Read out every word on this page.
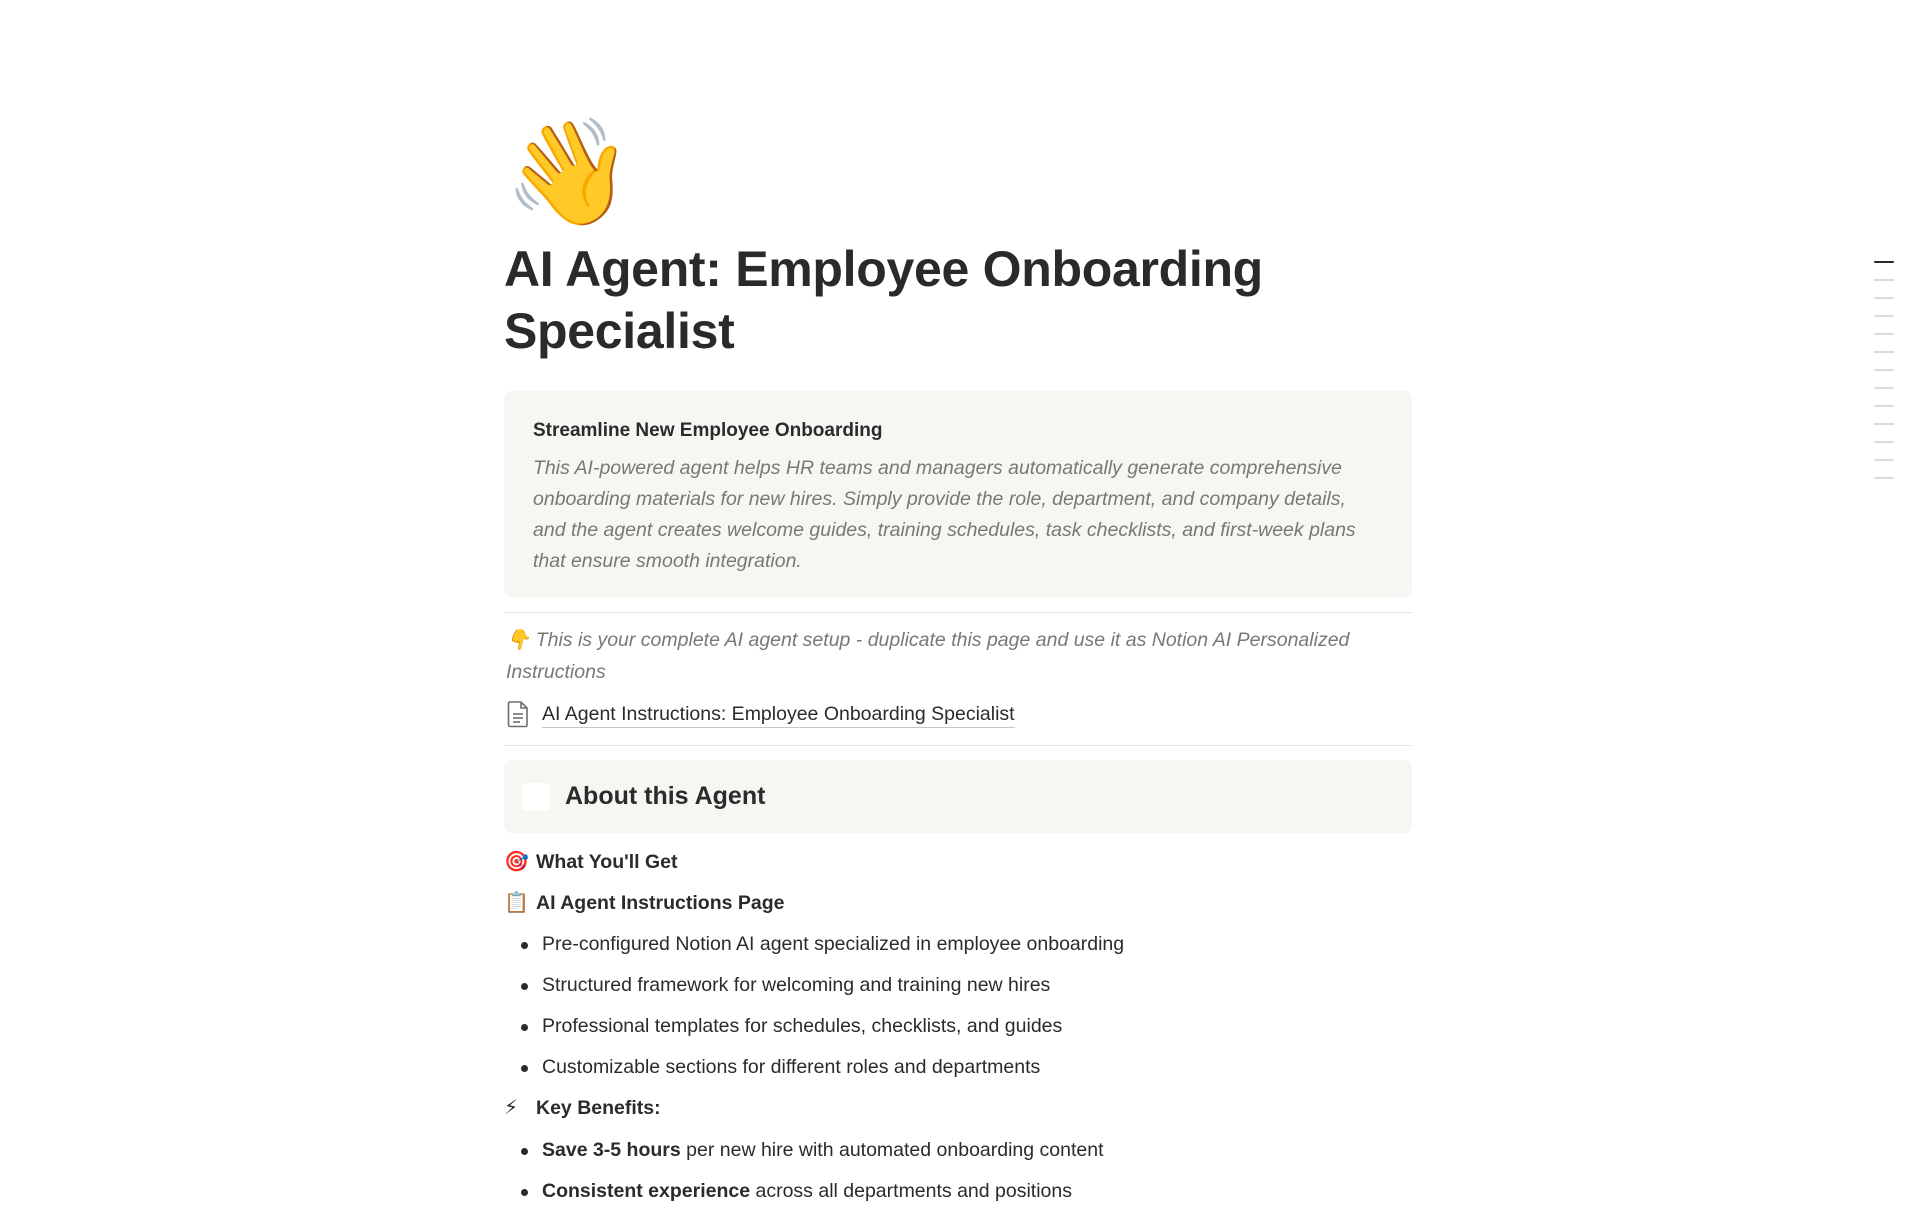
👋
AI Agent: Employee Onboarding Specialist
Streamline New Employee Onboarding
This AI-powered agent helps HR teams and managers automatically generate comprehensive onboarding materials for new hires. Simply provide the role, department, and company details, and the agent creates welcome guides, training schedules, task checklists, and first-week plans that ensure smooth integration.
👇 This is your complete AI agent setup - duplicate this page and use it as Notion AI Personalized Instructions
AI Agent Instructions: Employee Onboarding Specialist
About this Agent
🎯 What You'll Get
📋 AI Agent Instructions Page
Pre-configured Notion AI agent specialized in employee onboarding
Structured framework for welcoming and training new hires
Professional templates for schedules, checklists, and guides
Customizable sections for different roles and departments
⚡ Key Benefits:
Save 3-5 hours per new hire with automated onboarding content
Consistent experience across all departments and positions
